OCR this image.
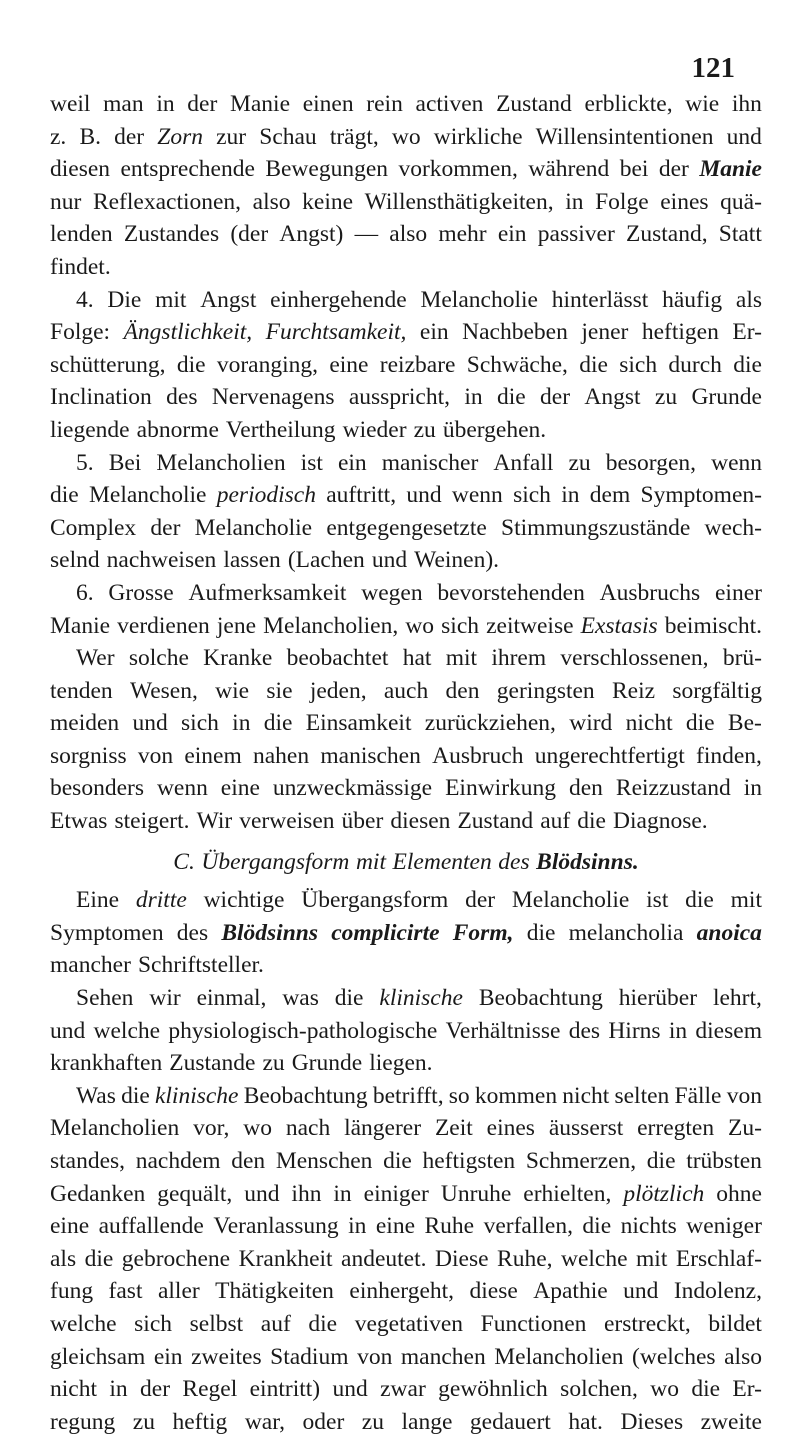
121
weil man in der Manie einen rein activen Zustand erblickte, wie ihn
z. B. der Zorn zur Schau trägt, wo wirkliche Willensintentionen und
diesen entsprechende Bewegungen vorkommen, während bei der Manie
nur Reflexactionen, also keine Willensthätigkeiten, in Folge eines quä-
lenden Zustandes (der Angst) — also mehr ein passiver Zustand, Statt
findet.
4. Die mit Angst einhergehende Melancholie hinterlässt häufig als
Folge: Ängstlichkeit, Furchtsamkeit, ein Nachbeben jener heftigen Er-
schütterung, die voranging, eine reizbare Schwäche, die sich durch die
Inclination des Nervenagens ausspricht, in die der Angst zu Grunde
liegende abnorme Vertheilung wieder zu übergehen.
5. Bei Melancholien ist ein manischer Anfall zu besorgen, wenn
die Melancholie periodisch auftritt, und wenn sich in dem Symptomen-
Complex der Melancholie entgegengesetzte Stimmungszustände wech-
selnd nachweisen lassen (Lachen und Weinen).
6. Grosse Aufmerksamkeit wegen bevorstehenden Ausbruchs einer
Manie verdienen jene Melancholien, wo sich zeitweise Exstasis beimischt.
Wer solche Kranke beobachtet hat mit ihrem verschlossenen, brü-
tenden Wesen, wie sie jeden, auch den geringsten Reiz sorgfältig
meiden und sich in die Einsamkeit zurückziehen, wird nicht die Be-
sorgniss von einem nahen manischen Ausbruch ungerechtfertigt finden,
besonders wenn eine unzweckmässige Einwirkung den Reizzustand in
Etwas steigert. Wir verweisen über diesen Zustand auf die Diagnose.
C. Übergangsform mit Elementen des Blödsinns.
Eine dritte wichtige Übergangsform der Melancholie ist die mit
Symptomen des Blödsinns complicirte Form, die melancholia anoica
mancher Schriftsteller.
Sehen wir einmal, was die klinische Beobachtung hierüber lehrt,
und welche physiologisch-pathologische Verhältnisse des Hirns in diesem
krankhaften Zustande zu Grunde liegen.
Was die klinische Beobachtung betrifft, so kommen nicht selten Fälle von
Melancholien vor, wo nach längerer Zeit eines äusserst erregten Zu-
standes, nachdem den Menschen die heftigsten Schmerzen, die trübsten
Gedanken gequält, und ihn in einiger Unruhe erhielten, plötzlich ohne
eine auffallende Veranlassung in eine Ruhe verfallen, die nichts weniger
als die gebrochene Krankheit andeutet. Diese Ruhe, welche mit Erschlaf-
fung fast aller Thätigkeiten einhergeht, diese Apathie und Indolenz,
welche sich selbst auf die vegetativen Functionen erstreckt, bildet
gleichsam ein zweites Stadium von manchen Melancholien (welches also
nicht in der Regel eintritt) und zwar gewöhnlich solchen, wo die Er-
regung zu heftig war, oder zu lange gedauert hat. Dieses zweite
